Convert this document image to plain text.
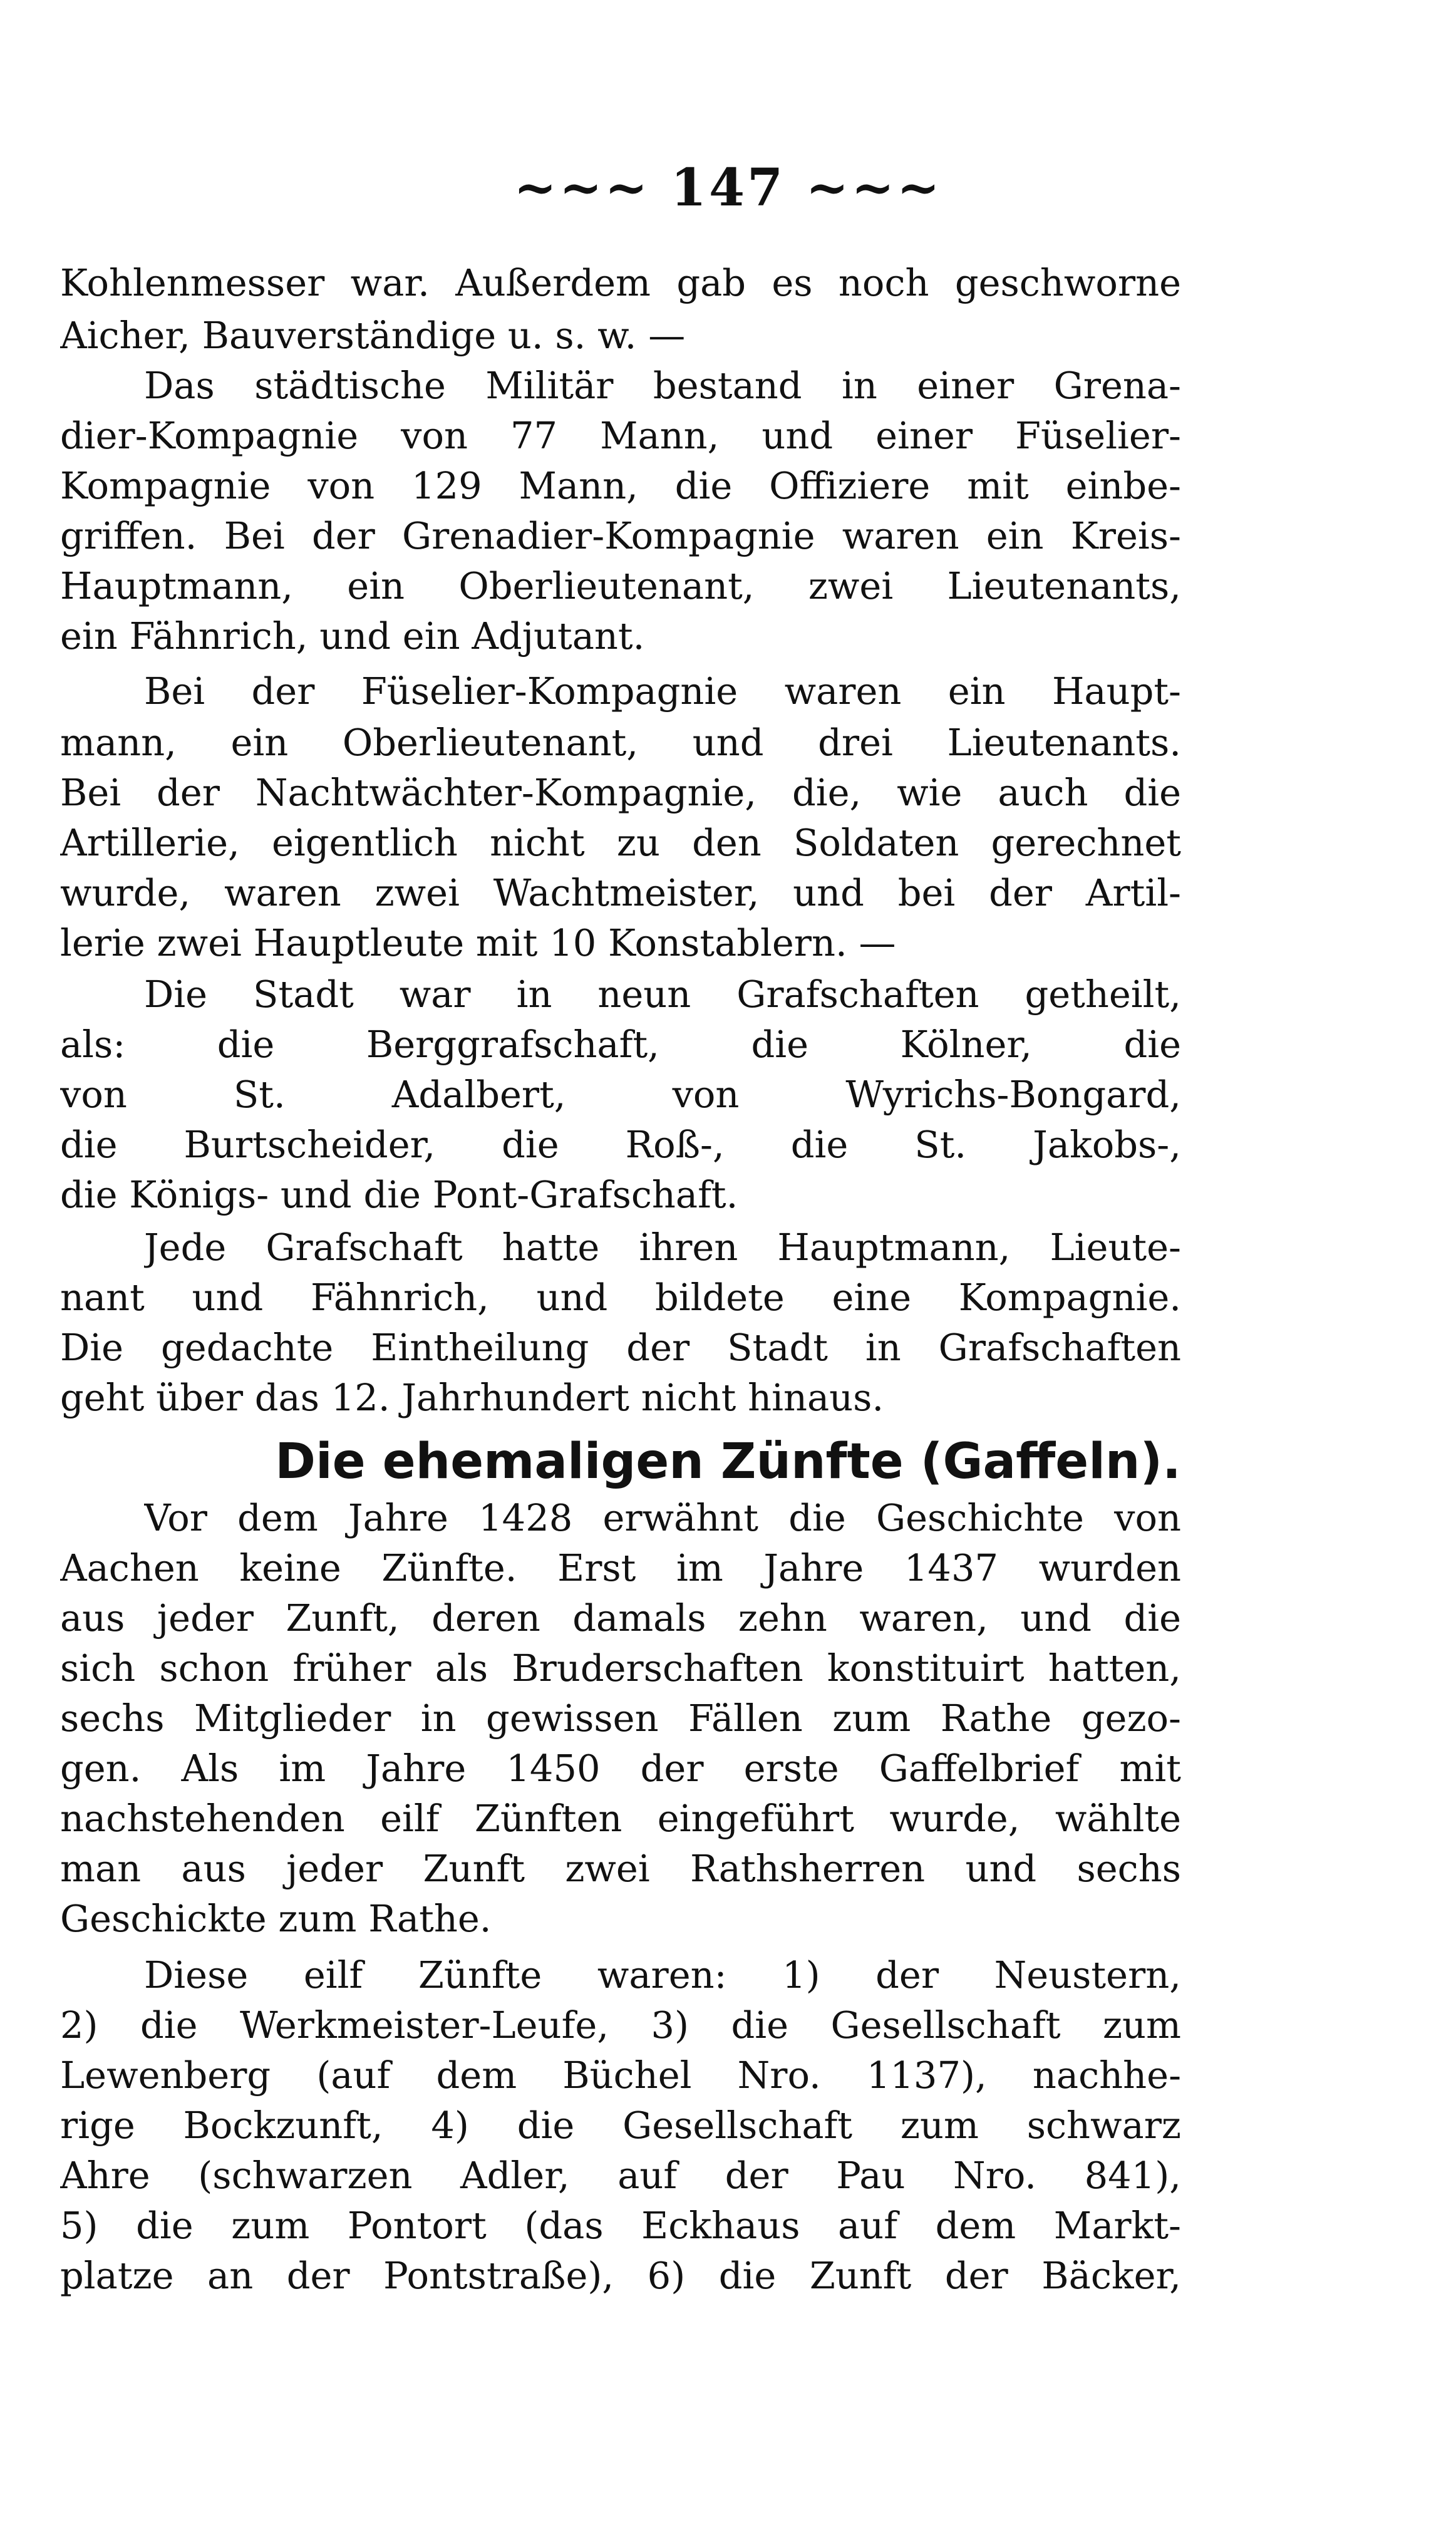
~~~ 147 ~~~
Kohlenmesser war. Außerdem gab es noch geschworne
Aicher, Bauverständige u. s. w. —
Das städtische Militär bestand in einer Grena-
dier-Kompagnie von 77 Mann, und einer Füselier-
Kompagnie von 129 Mann, die Offiziere mit einbe-
griffen. Bei der Grenadier-Kompagnie waren ein Kreis-
Hauptmann, ein Oberlieutenant, zwei Lieutenants,
ein Fähnrich, und ein Adjutant.
Bei der Füselier-Kompagnie waren ein Haupt-
mann, ein Oberlieutenant, und drei Lieutenants.
Bei der Nachtwächter-Kompagnie, die, wie auch die
Artillerie, eigentlich nicht zu den Soldaten gerechnet
wurde, waren zwei Wachtmeister, und bei der Artil-
lerie zwei Hauptleute mit 10 Konstablern. —
Die Stadt war in neun Grafschaften getheilt,
als: die Berggrafschaft, die Kölner, die
von St. Adalbert, von Wyrichs-Bongard,
die Burtscheider, die Roß-, die St. Jakobs-,
die Königs- und die Pont-Grafschaft.
Jede Grafschaft hatte ihren Hauptmann, Lieute-
nant und Fähnrich, und bildete eine Kompagnie.
Die gedachte Eintheilung der Stadt in Grafschaften
geht über das 12. Jahrhundert nicht hinaus.
Die ehemaligen Zünfte (Gaffeln).
Vor dem Jahre 1428 erwähnt die Geschichte von
Aachen keine Zünfte. Erst im Jahre 1437 wurden
aus jeder Zunft, deren damals zehn waren, und die
sich schon früher als Bruderschaften konstituirt hatten,
sechs Mitglieder in gewissen Fällen zum Rathe gezo-
gen. Als im Jahre 1450 der erste Gaffelbrief mit
nachstehenden eilf Zünften eingeführt wurde, wählte
man aus jeder Zunft zwei Rathsherren und sechs
Geschickte zum Rathe.
Diese eilf Zünfte waren: 1) der Neustern,
2) die Werkmeister-Leufe, 3) die Gesellschaft zum
Lewenberg (auf dem Büchel Nro. 1137), nachhe-
rige Bockzunft, 4) die Gesellschaft zum schwarz
Ahre (schwarzen Adler, auf der Pau Nro. 841),
5) die zum Pontort (das Eckhaus auf dem Markt-
platze an der Pontstraße), 6) die Zunft der Bäcker,
